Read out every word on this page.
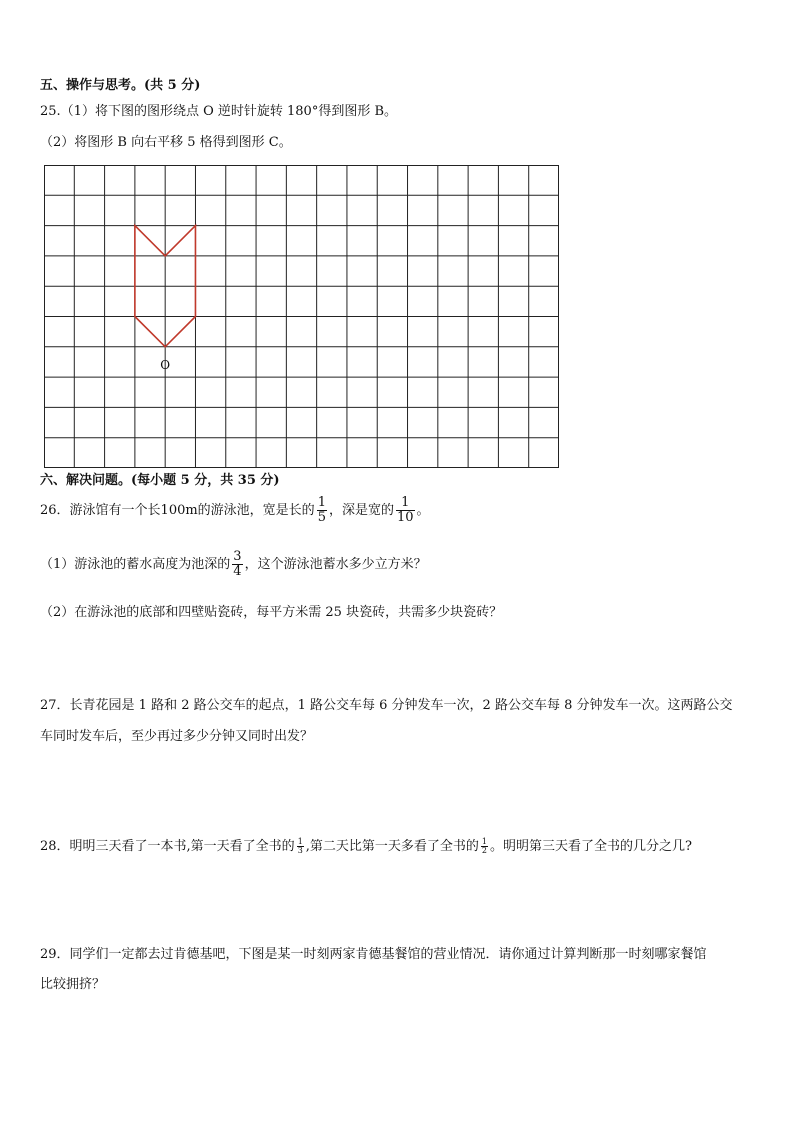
五、操作与思考。(共 5 分)
25.（1）将下图的图形绕点 O 逆时针旋转 180°得到图形 B。
（2）将图形 B 向右平移 5 格得到图形 C。
O
六、解决问题。(每小题 5 分，共 35 分)
26．游泳馆有一个长100m的游泳池，宽是长的 $\frac{1}{5}$ ，深是宽的 $\frac{1}{10}$ 。
（1）游泳池的蓄水高度为池深的 $\frac{3}{4}$ ，这个游泳池蓄水多少立方米？
（2）在游泳池的底部和四壁贴瓷砖，每平方米需 25 块瓷砖，共需多少块瓷砖？
27．长青花园是 1 路和 2 路公交车的起点，1 路公交车每 6 分钟发车一次，2 路公交车每 8 分钟发车一次。这两路公交
车同时发车后，至少再过多少分钟又同时出发？
28．明明三天看了一本书,第一天看了全书的 $\frac{1}{3}$ ,第二天比第一天多看了全书的 $\frac{1}{2}$ 。明明第三天看了全书的几分之几?
29．同学们一定都去过肯德基吧，下图是某一时刻两家肯德基餐馆的营业情况．请你通过计算判断那一时刻哪家餐馆
比较拥挤？
